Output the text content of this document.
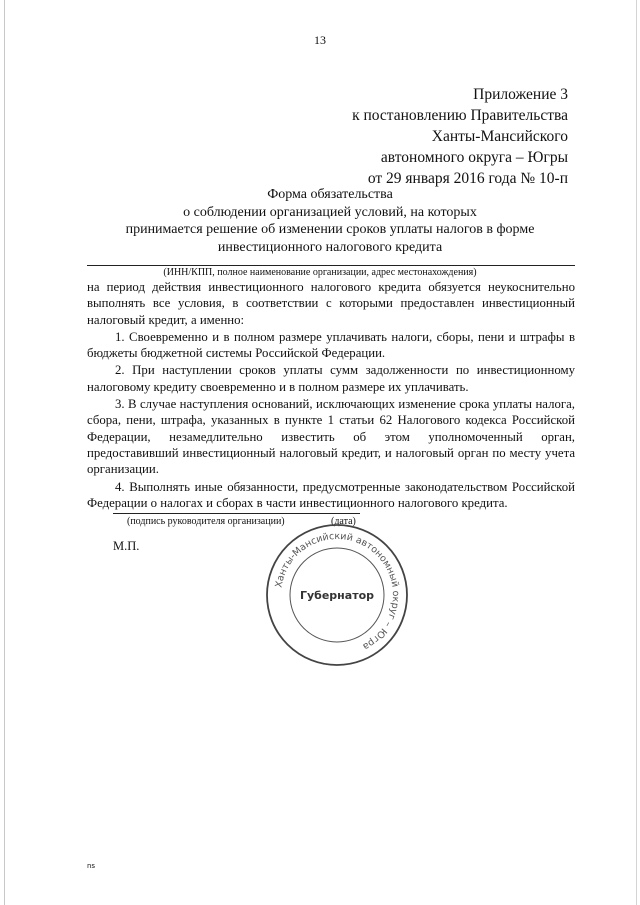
13
Приложение 3
к постановлению Правительства
Ханты-Мансийского
автономного округа – Югры
от 29 января 2016 года № 10-п
Форма обязательства
о соблюдении организацией условий, на которых
принимается решение об изменении сроков уплаты налогов в форме
инвестиционного налогового кредита
(ИНН/КПП, полное наименование организации, адрес местонахождения)

на период действия инвестиционного налогового кредита обязуется неукоснительно выполнять все условия, в соответствии с которыми предоставлен инвестиционный налоговый кредит, а именно:

1. Своевременно и в полном размере уплачивать налоги, сборы, пени и штрафы в бюджеты бюджетной системы Российской Федерации.

2. При наступлении сроков уплаты сумм задолженности по инвестиционному налоговому кредиту своевременно и в полном размере их уплачивать.

3. В случае наступления оснований, исключающих изменение срока уплаты налога, сбора, пени, штрафа, указанных в пункте 1 статьи 62 Налогового кодекса Российской Федерации, незамедлительно известить об этом уполномоченный орган, предоставивший инвестиционный налоговый кредит, и налоговый орган по месту учета организации.

4. Выполнять иные обязанности, предусмотренные законодательством Российской Федерации о налогах и сборах в части инвестиционного налогового кредита.

(подпись руководителя организации)	(дата)
М.П.
Ханты-Мансийский автономный округ – Югра
Губернатор
ns
